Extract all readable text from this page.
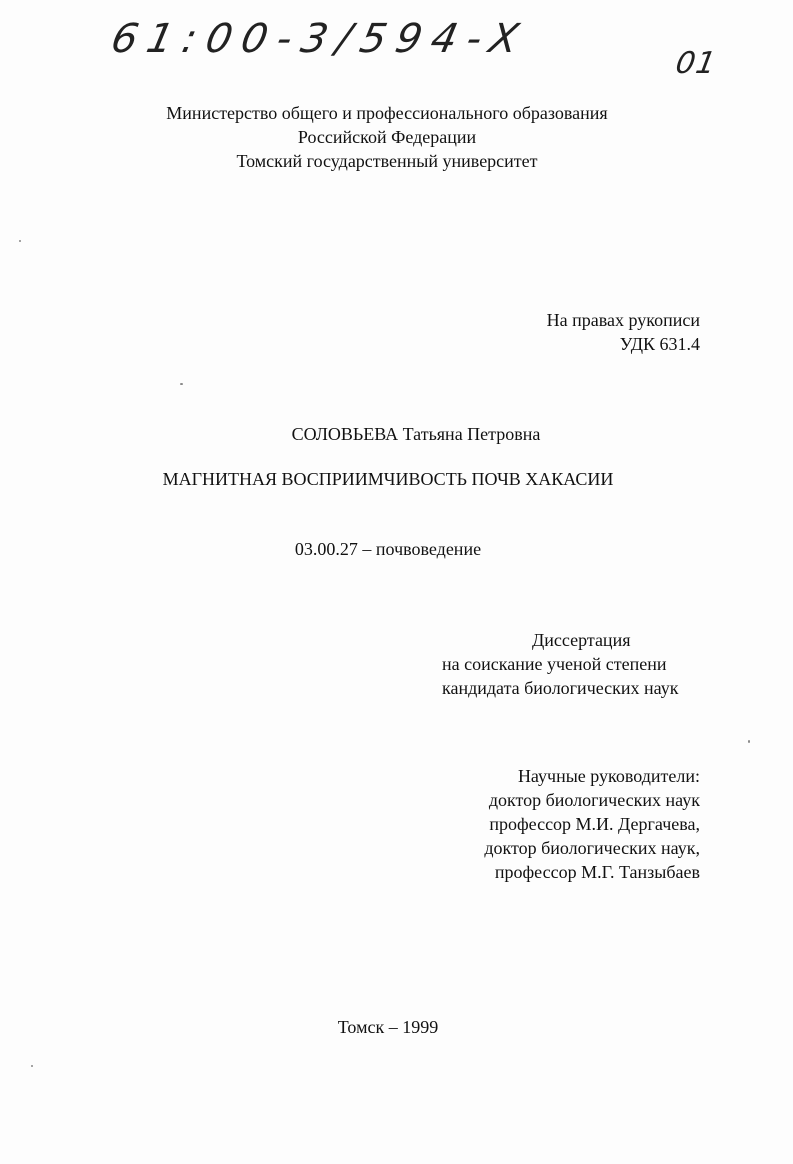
61:00-3/594-X
01
Министерство общего и профессионального образования
Российской Федерации
Томский государственный университет
На правах рукописи
УДК 631.4
СОЛОВЬЕВА Татьяна Петровна
МАГНИТНАЯ ВОСПРИИМЧИВОСТЬ ПОЧВ ХАКАСИИ
03.00.27 – почвоведение
Диссертация
на соискание ученой степени
кандидата биологических наук
Научные руководители:
доктор биологических наук
профессор М.И. Дергачева,
доктор биологических наук,
профессор М.Г. Танзыбаев
Томск – 1999
